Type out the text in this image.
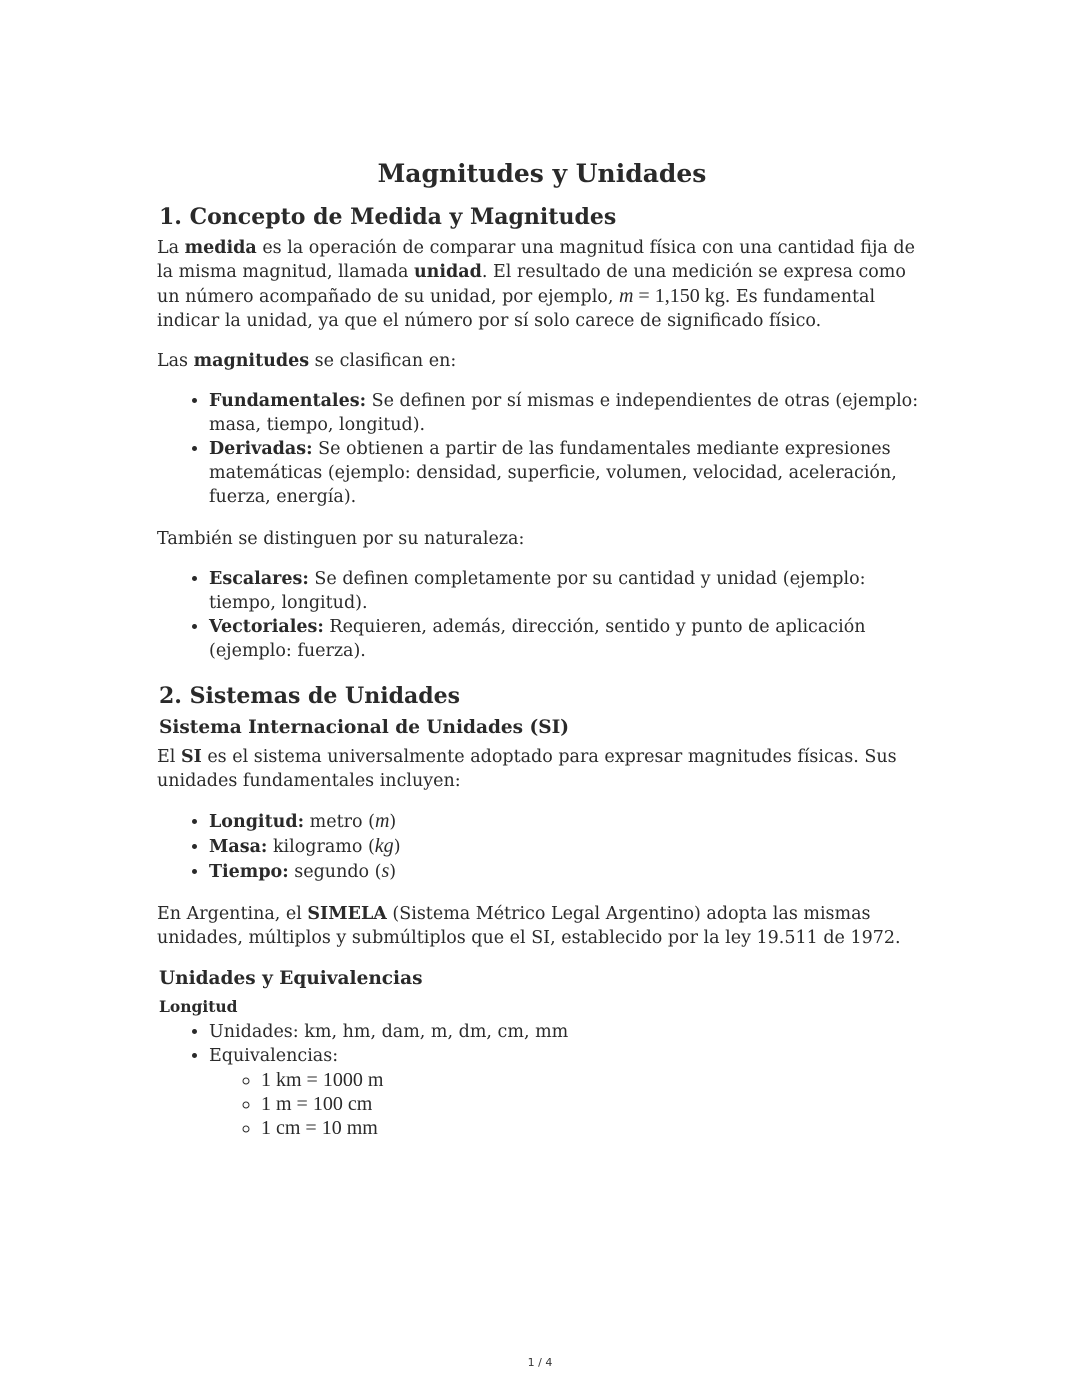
Magnitudes y Unidades
1. Concepto de Medida y Magnitudes

La medida es la operación de comparar una magnitud física con una cantidad fija de la misma magnitud, llamada unidad. El resultado de una medición se expresa como un número acompañado de su unidad, por ejemplo, m = 1,150 kg. Es fundamental indicar la unidad, ya que el número por sí solo carece de significado físico.

Las magnitudes se clasifican en:

• Fundamentales: Se definen por sí mismas e independientes de otras (ejemplo: masa, tiempo, longitud).
• Derivadas: Se obtienen a partir de las fundamentales mediante expresiones matemáticas (ejemplo: densidad, superficie, volumen, velocidad, aceleración, fuerza, energía).

También se distinguen por su naturaleza:

• Escalares: Se definen completamente por su cantidad y unidad (ejemplo: tiempo, longitud).
• Vectoriales: Requieren, además, dirección, sentido y punto de aplicación (ejemplo: fuerza).
2. Sistemas de Unidades
Sistema Internacional de Unidades (SI)

El SI es el sistema universalmente adoptado para expresar magnitudes físicas. Sus unidades fundamentales incluyen:

• Longitud: metro (m)
• Masa: kilogramo (kg)
• Tiempo: segundo (s)

En Argentina, el SIMELA (Sistema Métrico Legal Argentino) adopta las mismas unidades, múltiplos y submúltiplos que el SI, establecido por la ley 19.511 de 1972.

Unidades y Equivalencias
Longitud
• Unidades: km, hm, dam, m, dm, cm, mm
• Equivalencias:
◦ 1 km = 1000 m
◦ 1 m = 100 cm
◦ 1 cm = 10 mm
1 / 4
